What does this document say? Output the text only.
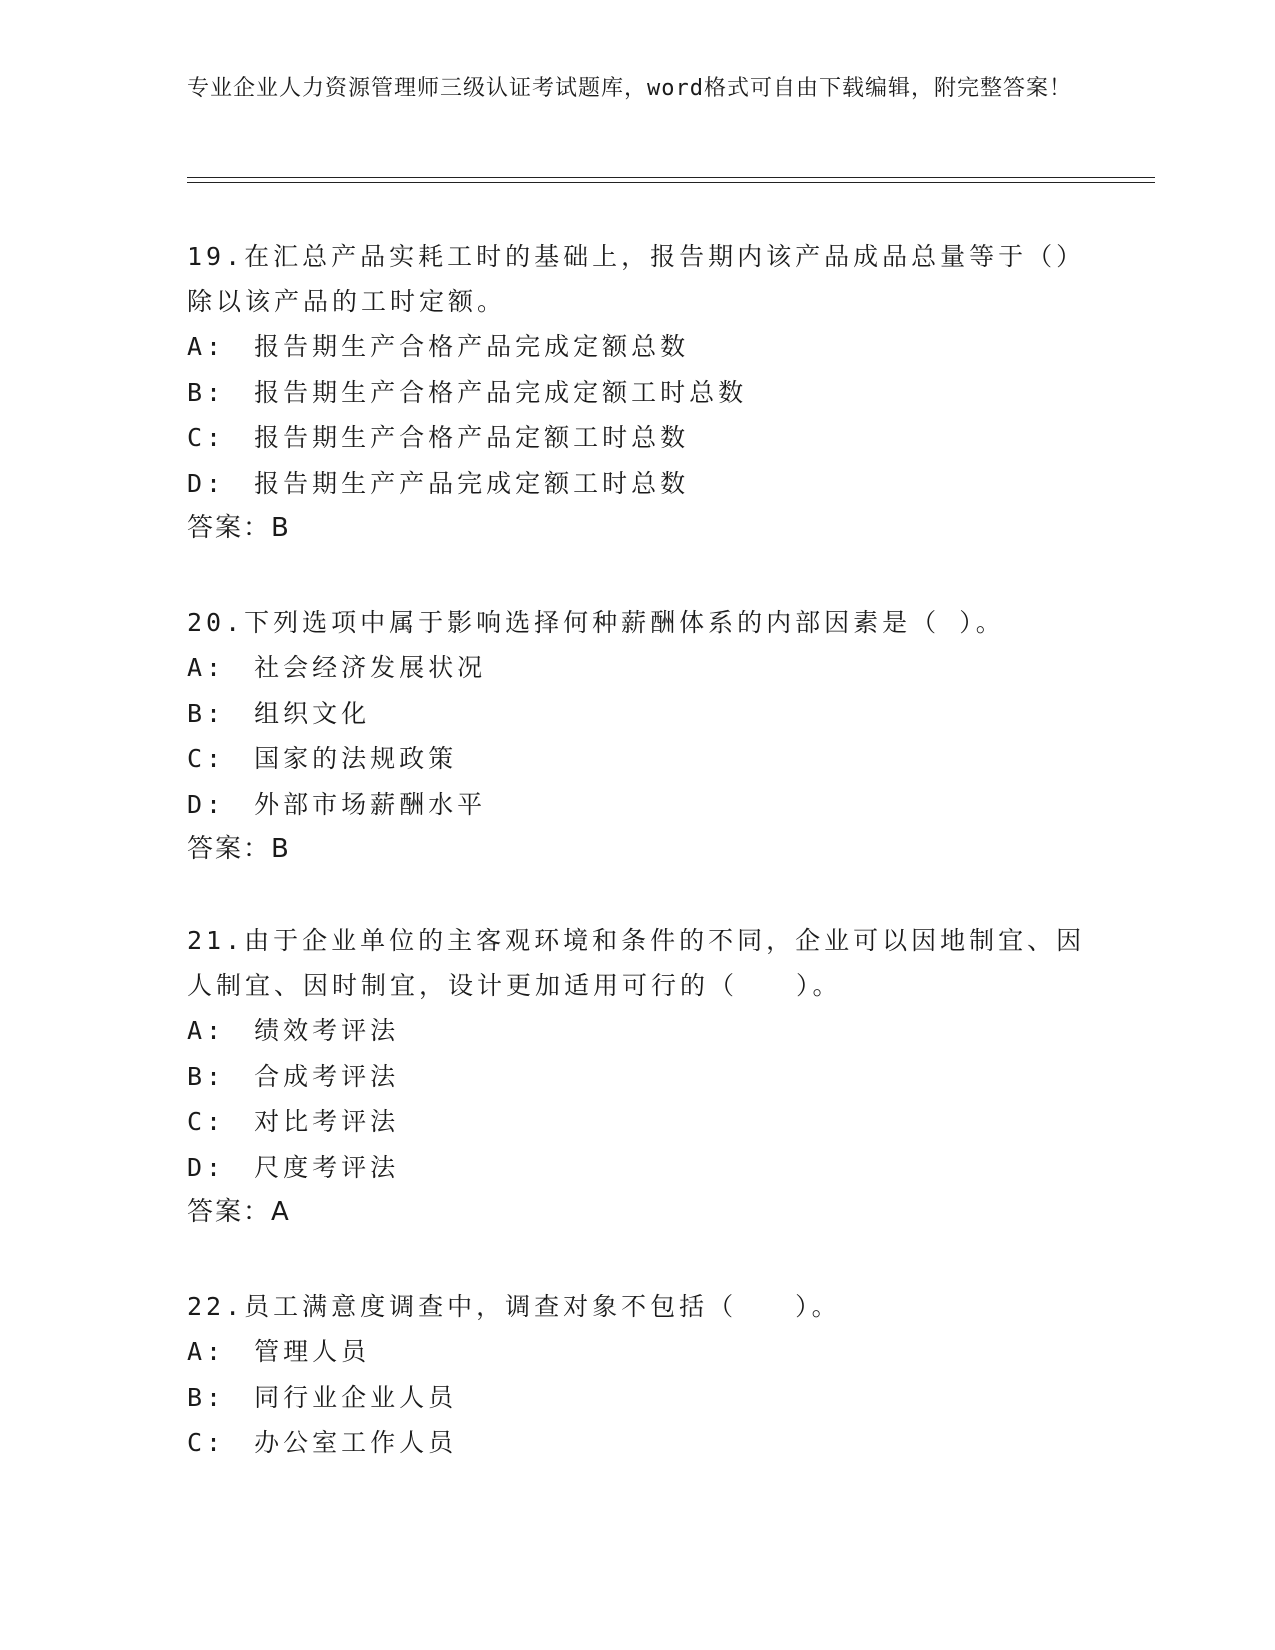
专业企业人力资源管理师三级认证考试题库，word格式可自由下载编辑，附完整答案！
19.在汇总产品实耗工时的基础上，报告期内该产品成品总量等于（）除以该产品的工时定额。
A:　报告期生产合格产品完成定额总数
B:　报告期生产合格产品完成定额工时总数
C:　报告期生产合格产品定额工时总数
D:　报告期生产产品完成定额工时总数
答案：B
20.下列选项中属于影响选择何种薪酬体系的内部因素是（ ）。
A:　社会经济发展状况
B:　组织文化
C:　国家的法规政策
D:　外部市场薪酬水平
答案：B
21.由于企业单位的主客观环境和条件的不同，企业可以因地制宜、因人制宜、因时制宜，设计更加适用可行的（　　）。
A:　绩效考评法
B:　合成考评法
C:　对比考评法
D:　尺度考评法
答案：A
22.员工满意度调查中，调查对象不包括（　　）。
A:　管理人员
B:　同行业企业人员
C:　办公室工作人员
